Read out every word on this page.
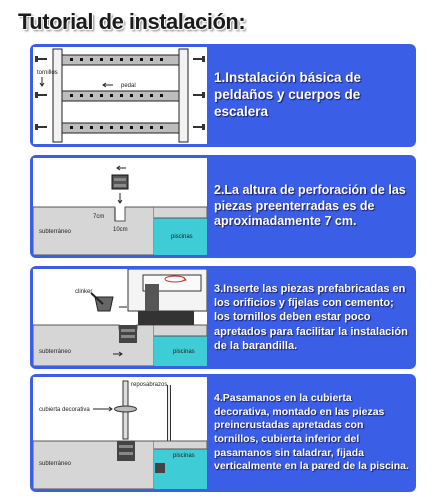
Tutorial de instalación:
tornillos
pedal
1.Instalación básica de peldaños y cuerpos de escalera
7cm
10cm
subterráneo
piscinas
2.La altura de perforación de las piezas preenterradas es de aproximadamente 7 cm.
clinker
subterráneo	piscinas
3.Inserte las piezas prefabricadas en los orificios y fíjelas con cemento; los tornillos deben estar poco apretados para facilitar la instalación de la barandilla.
reposabrazos
cubierta decorativa
subterráneo
piscinas
4.Pasamanos en la cubierta decorativa, montado en las piezas preincrustadas apretadas con tornillos, cubierta inferior del pasamanos sin taladrar, fijada verticalmente en la pared de la piscina.
